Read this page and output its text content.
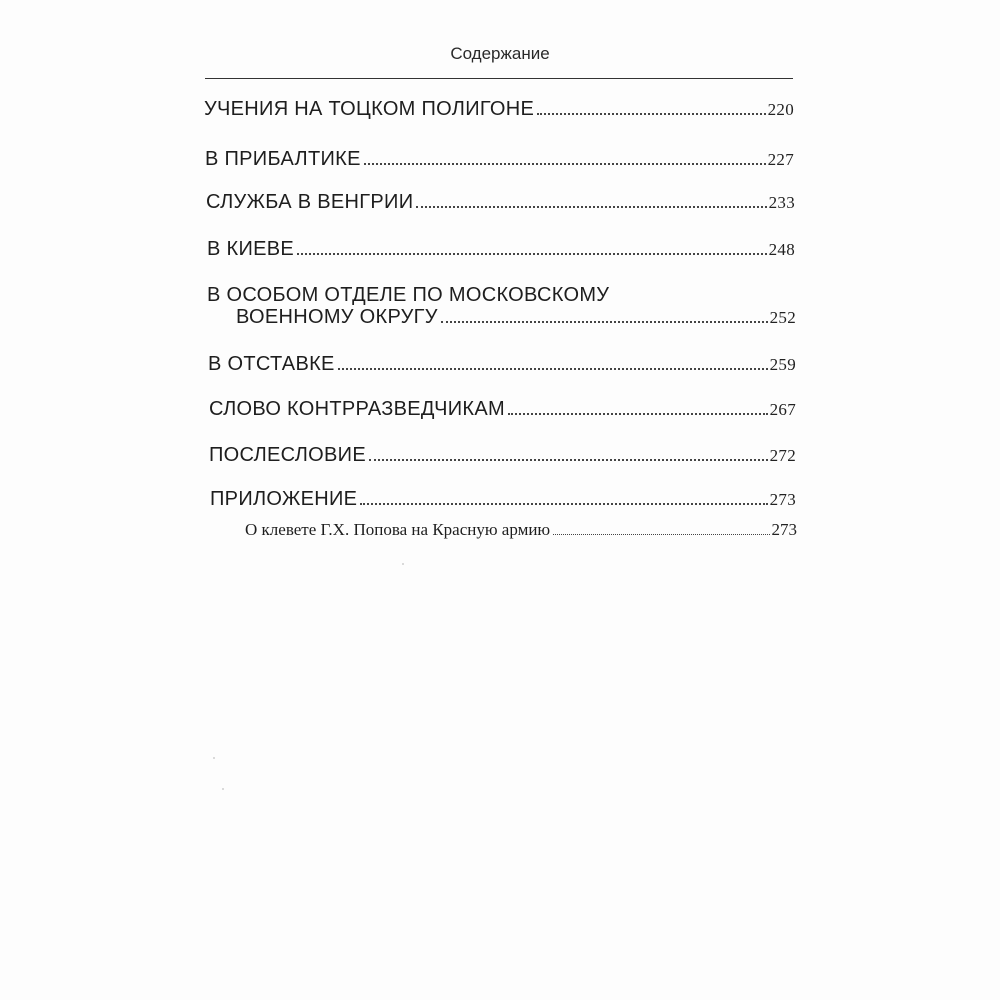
Содержание
УЧЕНИЯ НА ТОЦКОМ ПОЛИГОНЕ	220
В ПРИБАЛТИКЕ	227
СЛУЖБА В ВЕНГРИИ	233
В КИЕВЕ	248
В ОСОБОМ ОТДЕЛЕ ПО МОСКОВСКОМУ
ВОЕННОМУ ОКРУГУ	252
В ОТСТАВКЕ	259
СЛОВО КОНТРРАЗВЕДЧИКАМ	267
ПОСЛЕСЛОВИЕ	272
ПРИЛОЖЕНИЕ	273
О клевете Г.Х. Попова на Красную армию	273
